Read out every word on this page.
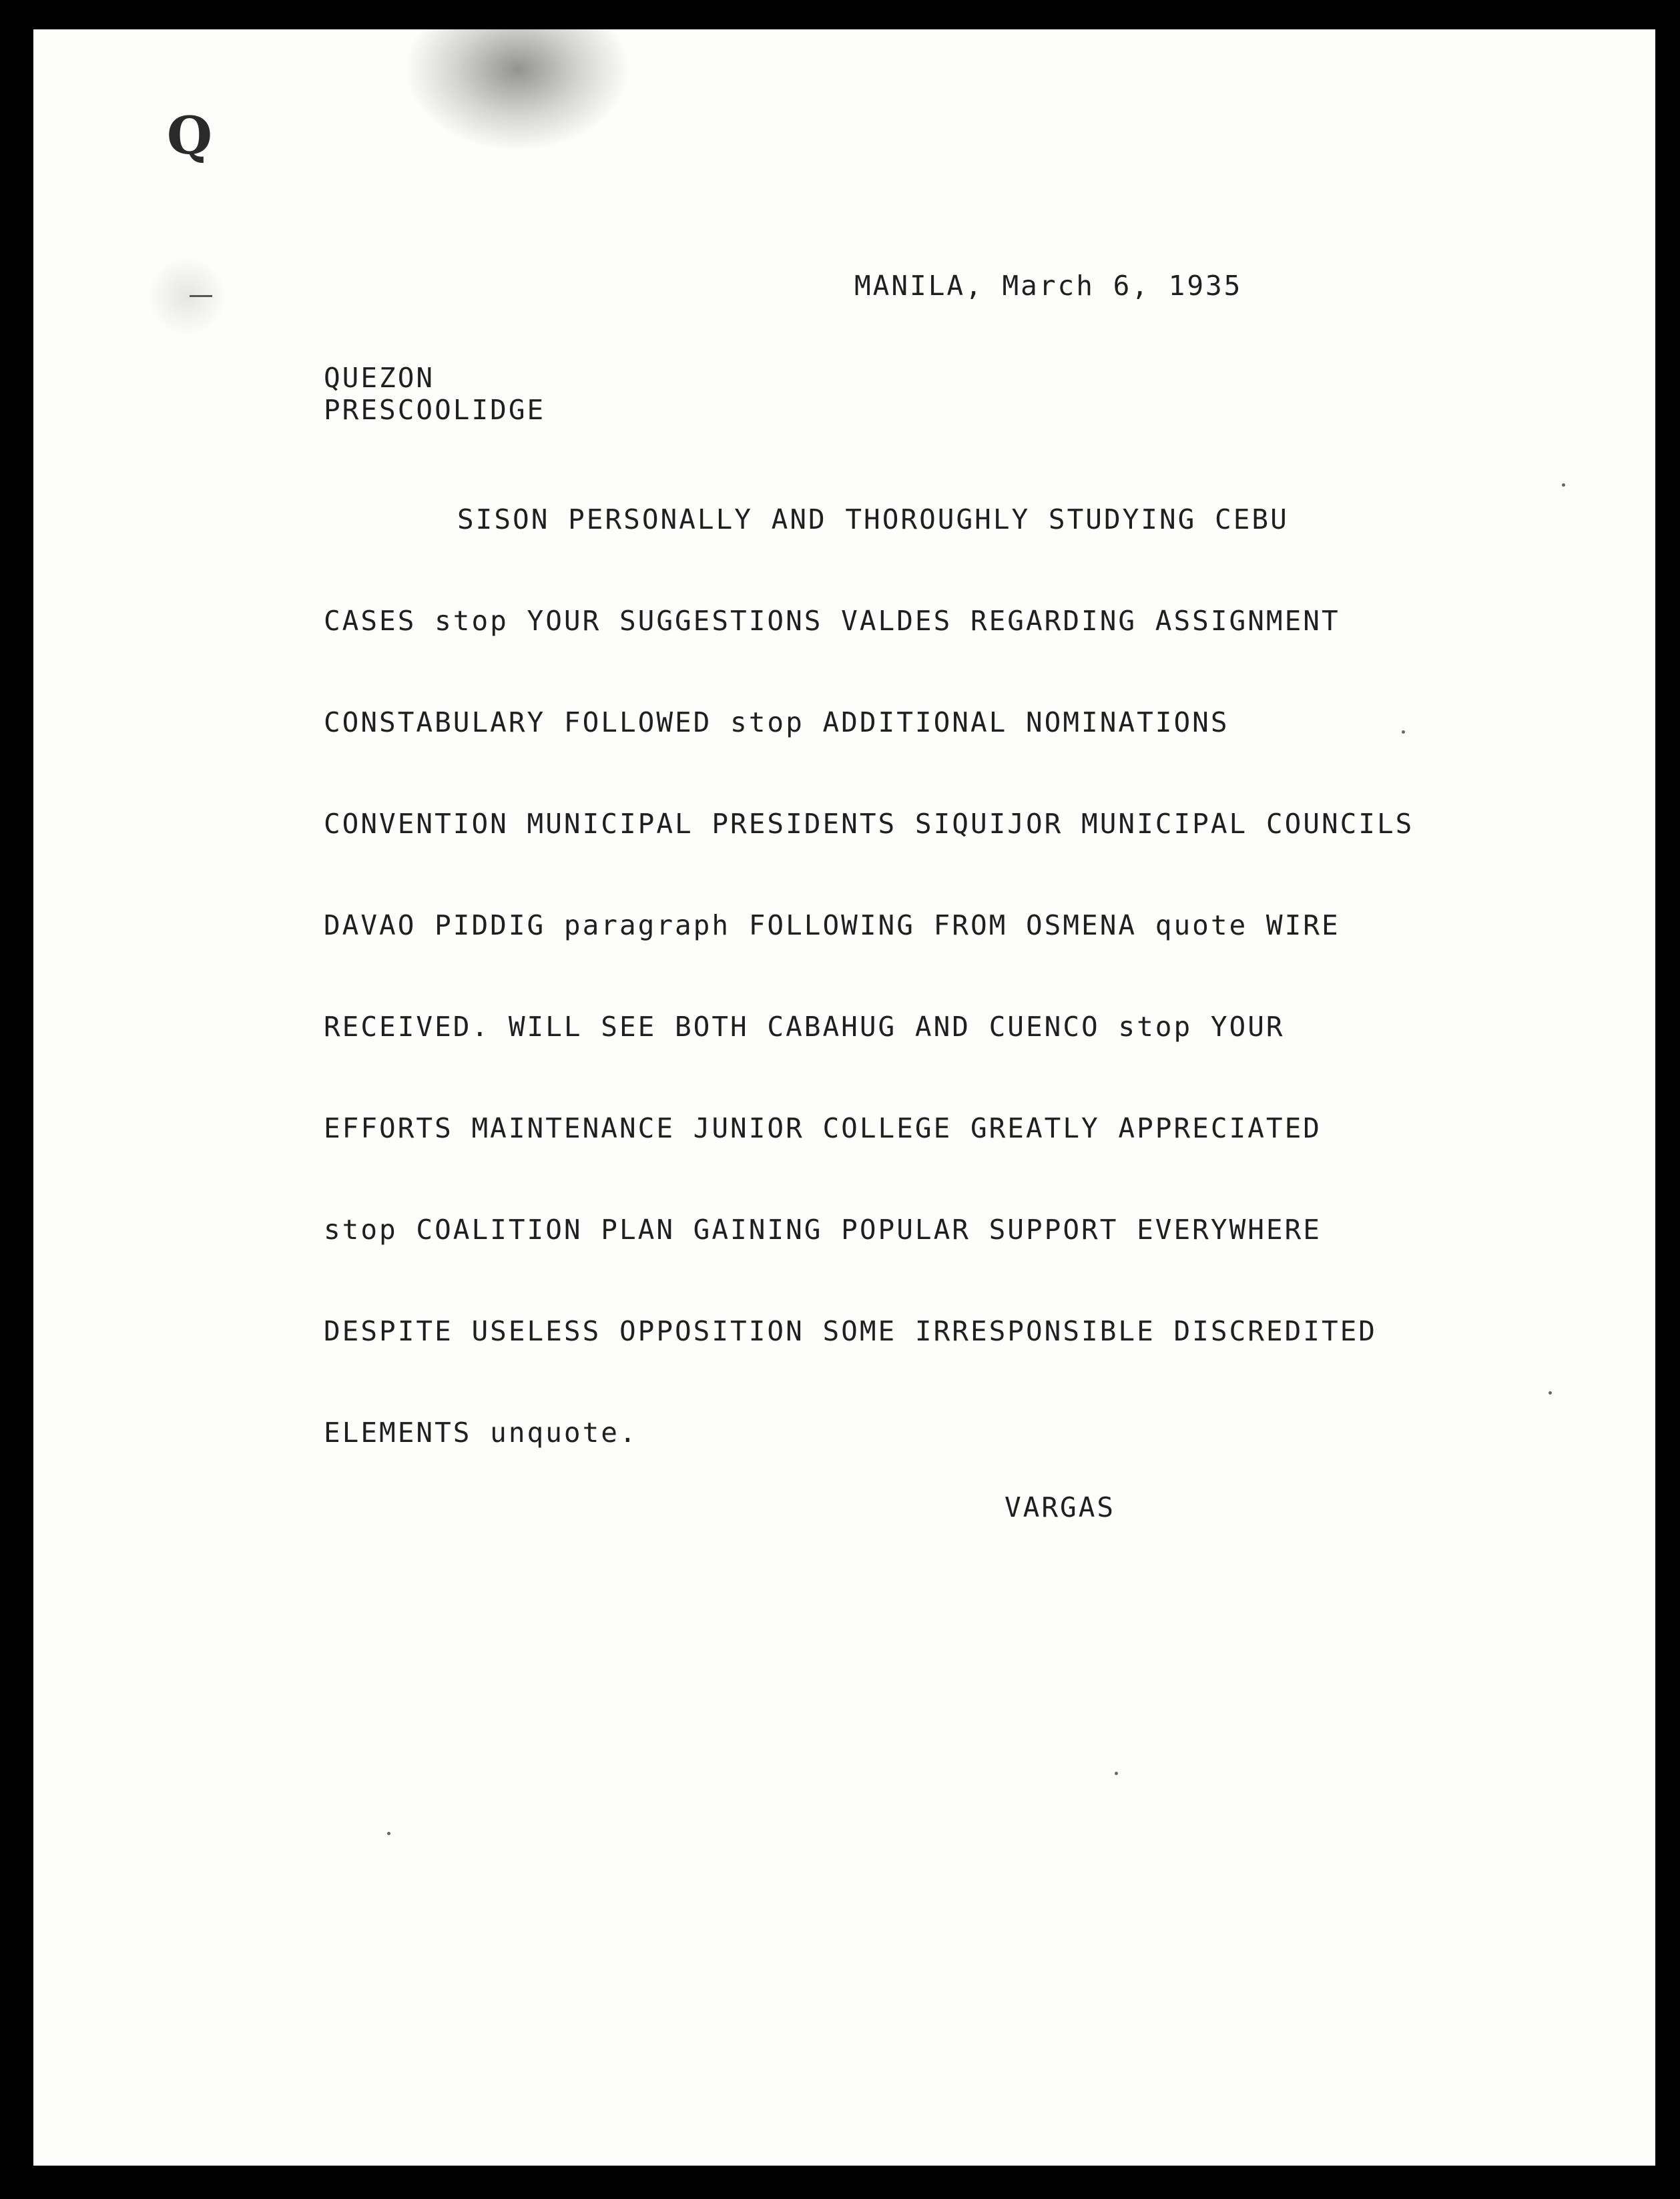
Q
MANILA, March 6, 1935
QUEZON
PRESCOOLIDGE
SISON PERSONALLY AND THOROUGHLY STUDYING CEBU
CASES stop YOUR SUGGESTIONS VALDES REGARDING ASSIGNMENT
CONSTABULARY FOLLOWED stop ADDITIONAL NOMINATIONS
CONVENTION MUNICIPAL PRESIDENTS SIQUIJOR MUNICIPAL COUNCILS
DAVAO PIDDIG paragraph FOLLOWING FROM OSMENA quote WIRE
RECEIVED. WILL SEE BOTH CABAHUG AND CUENCO stop YOUR
EFFORTS MAINTENANCE JUNIOR COLLEGE GREATLY APPRECIATED
stop COALITION PLAN GAINING POPULAR SUPPORT EVERYWHERE
DESPITE USELESS OPPOSITION SOME IRRESPONSIBLE DISCREDITED
ELEMENTS unquote.
VARGAS
